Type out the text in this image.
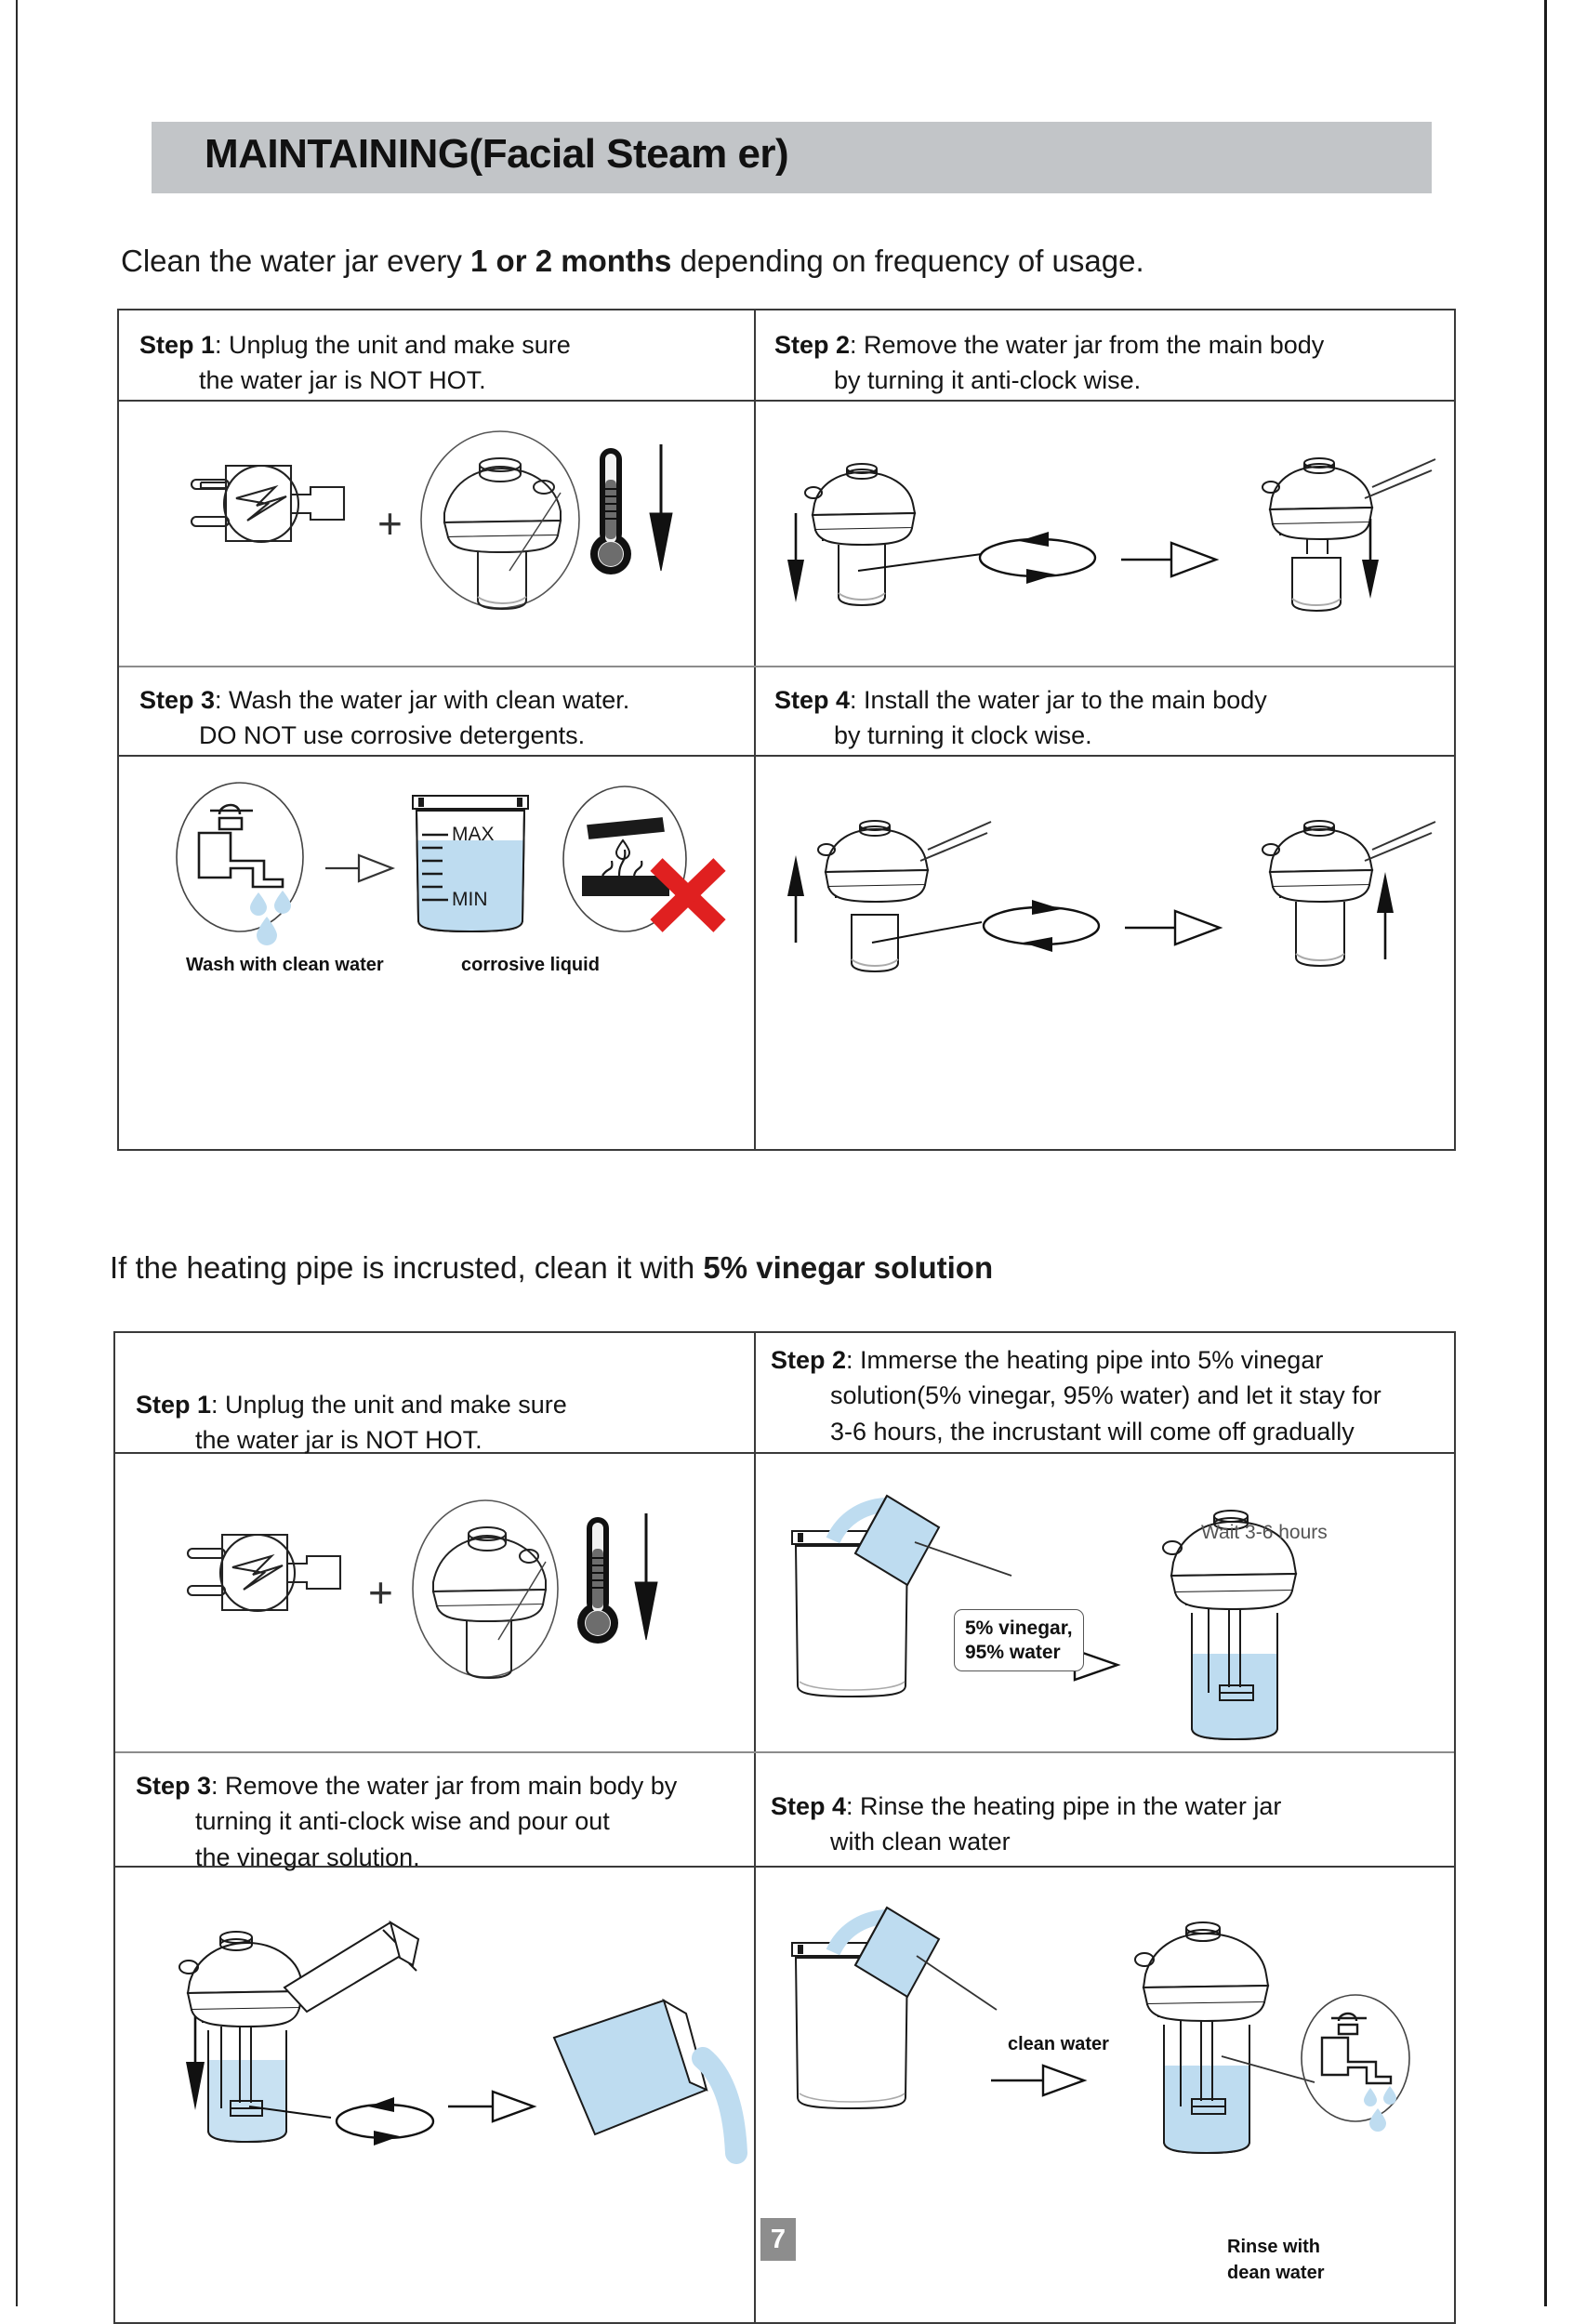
MAINTAINING(Facial Steam er)
Clean the water jar every 1 or 2 months depending on frequency of usage.
Step 1: Unplug the unit and make sure
the water jar is NOT HOT.
Step 2: Remove the water jar from the main body
by turning it anti-clock wise.
Step 3: Wash the water jar with clean water.
DO NOT use corrosive detergents.
Step 4: Install the water jar to the main body
by turning it clock wise.
+
MAX
MIN
Wash with clean water	corrosive liquid
If the heating pipe is incrusted, clean it with 5% vinegar solution
Step 1: Unplug the unit and make sure
the water jar is NOT HOT.
Step 2: Immerse the heating pipe into 5% vinegar
solution(5% vinegar, 95% water) and let it stay for
3-6 hours, the incrustant will come off gradually
Step 3: Remove the water jar from main body by
turning it anti-clock wise and pour out
the vinegar solution.
Step 4: Rinse the heating pipe in the water jar
with clean water
+
5% vinegar,
95% water
Wait 3-6 hours
clean water
Rinse with
dean water
7
